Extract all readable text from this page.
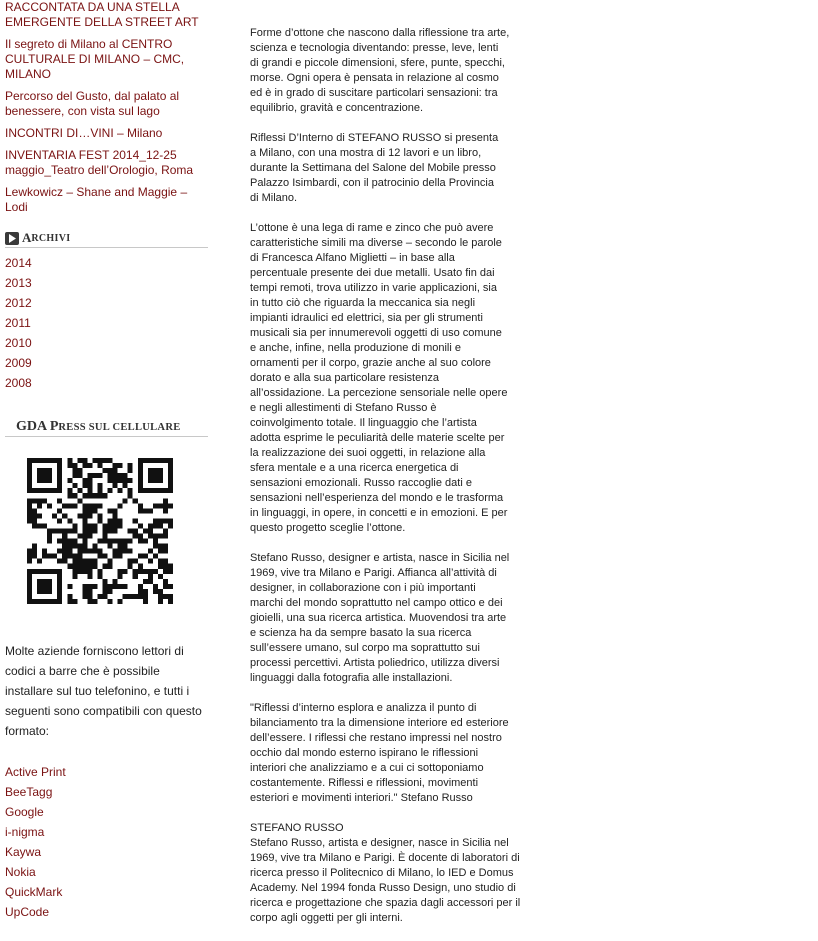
RACCONTATA DA UNA STELLA EMERGENTE DELLA STREET ART
Il segreto di Milano al CENTRO CULTURALE DI MILANO – CMC, MILANO
Percorso del Gusto, dal palato al benessere, con vista sul lago
INCONTRI DI…VINI – Milano
INVENTARIA FEST 2014_12-25 maggio_Teatro dell’Orologio, Roma
Lewkowicz – Shane and Maggie – Lodi
A RCHIVI
2014
2013
2012
2011
2010
2009
2008
GDA PRESS SUL CELLULARE

Molte aziende forniscono lettori di codici a barre che è possibile installare sul tuo telefonino, e tutti i seguenti sono compatibili con questo formato:

Active Print
BeeTagg
Google
i-nigma
Kaywa
Nokia
QuickMark
UpCode

Forme d’ottone che nascono dalla riflessione tra arte,
scienza e tecnologia diventando: presse, leve, lenti
di grandi e piccole dimensioni, sfere, punte, specchi,
morse. Ogni opera è pensata in relazione al cosmo
ed è in grado di suscitare particolari sensazioni: tra
equilibrio, gravità e concentrazione.

Riflessi D’Interno di STEFANO RUSSO si presenta
a Milano, con una mostra di 12 lavori e un libro,
durante la Settimana del Salone del Mobile presso
Palazzo Isimbardi, con il patrocinio della Provincia
di Milano.

L’ottone è una lega di rame e zinco che può avere
caratteristiche simili ma diverse – secondo le parole
di Francesca Alfano Miglietti – in base alla
percentuale presente dei due metalli. Usato fin dai
tempi remoti, trova utilizzo in varie applicazioni, sia
in tutto ciò che riguarda la meccanica sia negli
impianti idraulici ed elettrici, sia per gli strumenti
musicali sia per innumerevoli oggetti di uso comune
e anche, infine, nella produzione di monili e
ornamenti per il corpo, grazie anche al suo colore
dorato e alla sua particolare resistenza
all’ossidazione. La percezione sensoriale nelle opere
e negli allestimenti di Stefano Russo è
coinvolgimento totale. Il linguaggio che l’artista
adotta esprime le peculiarità delle materie scelte per
la realizzazione dei suoi oggetti, in relazione alla
sfera mentale e a una ricerca energetica di
sensazioni emozionali. Russo raccoglie dati e
sensazioni nell’esperienza del mondo e le trasforma
in linguaggi, in opere, in concetti e in emozioni. E per
questo progetto sceglie l’ottone.

Stefano Russo, designer e artista, nasce in Sicilia nel
1969, vive tra Milano e Parigi. Affianca all’attività di
designer, in collaborazione con i più importanti
marchi del mondo soprattutto nel campo ottico e dei
gioielli, una sua ricerca artistica. Muovendosi tra arte
e scienza ha da sempre basato la sua ricerca
sull’essere umano, sul corpo ma soprattutto sui
processi percettivi. Artista poliedrico, utilizza diversi
linguaggi dalla fotografia alle installazioni.

"Riflessi d’interno esplora e analizza il punto di
bilanciamento tra la dimensione interiore ed esteriore
dell’essere. I riflessi che restano impressi nel nostro
occhio dal mondo esterno ispirano le riflessioni
interiori che analizziamo e a cui ci sottoponiamo
costantemente. Riflessi e riflessioni, movimenti
esteriori e movimenti interiori." Stefano Russo

STEFANO RUSSO
Stefano Russo, artista e designer, nasce in Sicilia nel
1969, vive tra Milano e Parigi. È docente di laboratori di
ricerca presso il Politecnico di Milano, lo IED e Domus
Academy. Nel 1994 fonda Russo Design, uno studio di
ricerca e progettazione che spazia dagli accessori per il
corpo agli oggetti per gli interni.
